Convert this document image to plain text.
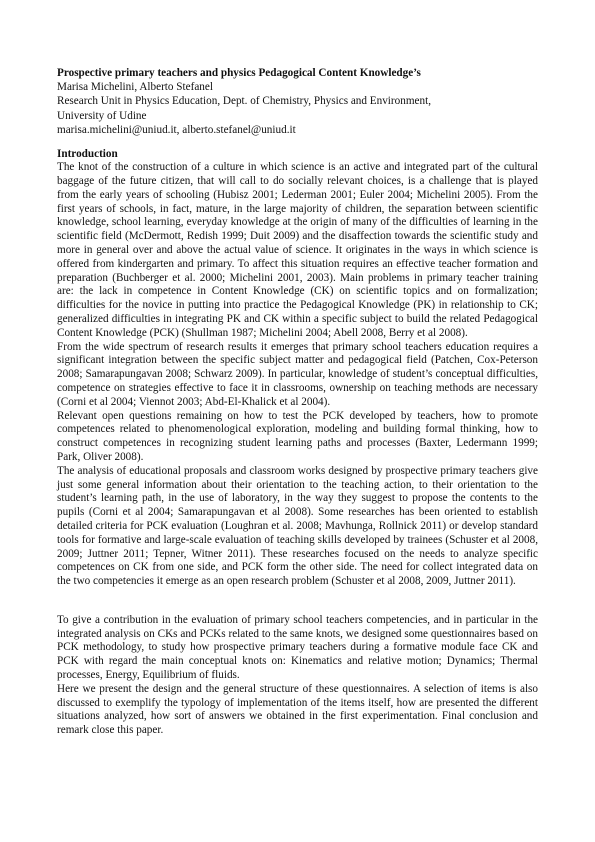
Prospective primary teachers and physics Pedagogical Content Knowledge’s
Marisa Michelini, Alberto Stefanel
Research Unit in Physics Education, Dept. of Chemistry, Physics and Environment,
University of Udine
marisa.michelini@uniud.it, alberto.stefanel@uniud.it
Introduction

The knot of the construction of a culture in which science is an active and integrated part of the cultural baggage of the future citizen, that will call to do socially relevant choices, is a challenge that is played from the early years of schooling (Hubisz 2001; Lederman 2001; Euler 2004; Michelini 2005). From the first years of schools, in fact, mature, in the large majority of children, the separation between scientific knowledge, school learning, everyday knowledge at the origin of many of the difficulties of learning in the scientific field (McDermott, Redish 1999; Duit 2009) and the disaffection towards the scientific study and more in general over and above the actual value of science. It originates in the ways in which science is offered from kindergarten and primary. To affect this situation requires an effective teacher formation and preparation (Buchberger et al. 2000; Michelini 2001, 2003). Main problems in primary teacher training are: the lack in competence in Content Knowledge (CK) on scientific topics and on formalization; difficulties for the novice in putting into practice the Pedagogical Knowledge (PK) in relationship to CK; generalized difficulties in integrating PK and CK within a specific subject to build the related Pedagogical Content Knowledge (PCK) (Shullman 1987; Michelini 2004; Abell 2008, Berry et al 2008).

From the wide spectrum of research results it emerges that primary school teachers education requires a significant integration between the specific subject matter and pedagogical field (Patchen, Cox-Peterson 2008; Samarapungavan 2008; Schwarz 2009). In particular, knowledge of student’s conceptual difficulties, competence on strategies effective to face it in classrooms, ownership on teaching methods are necessary (Corni et al 2004; Viennot 2003; Abd-El-Khalick et al 2004).

Relevant open questions remaining on how to test the PCK developed by teachers, how to promote competences related to phenomenological exploration, modeling and building formal thinking, how to construct competences in recognizing student learning paths and processes (Baxter, Ledermann 1999; Park, Oliver 2008).

The analysis of educational proposals and classroom works designed by prospective primary teachers give just some general information about their orientation to the teaching action, to their orientation to the student’s learning path, in the use of laboratory, in the way they suggest to propose the contents to the pupils (Corni et al 2004; Samarapungavan et al 2008). Some researches has been oriented to establish detailed criteria for PCK evaluation (Loughran et al. 2008; Mavhunga, Rollnick 2011) or develop standard tools for formative and large-scale evaluation of teaching skills developed by trainees (Schuster et al 2008, 2009; Juttner 2011; Tepner, Witner 2011). These researches focused on the needs to analyze specific competences on CK from one side, and PCK form the other side. The need for collect integrated data on the two competencies it emerge as an open research problem (Schuster et al 2008, 2009, Juttner 2011).

To give a contribution in the evaluation of primary school teachers competencies, and in particular in the integrated analysis on CKs and PCKs related to the same knots, we designed some questionnaires based on PCK methodology, to study how prospective primary teachers during a formative module face CK and PCK with regard the main conceptual knots on: Kinematics and relative motion; Dynamics; Thermal processes, Energy, Equilibrium of fluids.

Here we present the design and the general structure of these questionnaires. A selection of items is also discussed to exemplify the typology of implementation of the items itself, how are presented the different situations analyzed, how sort of answers we obtained in the first experimentation. Final conclusion and remark close this paper.
